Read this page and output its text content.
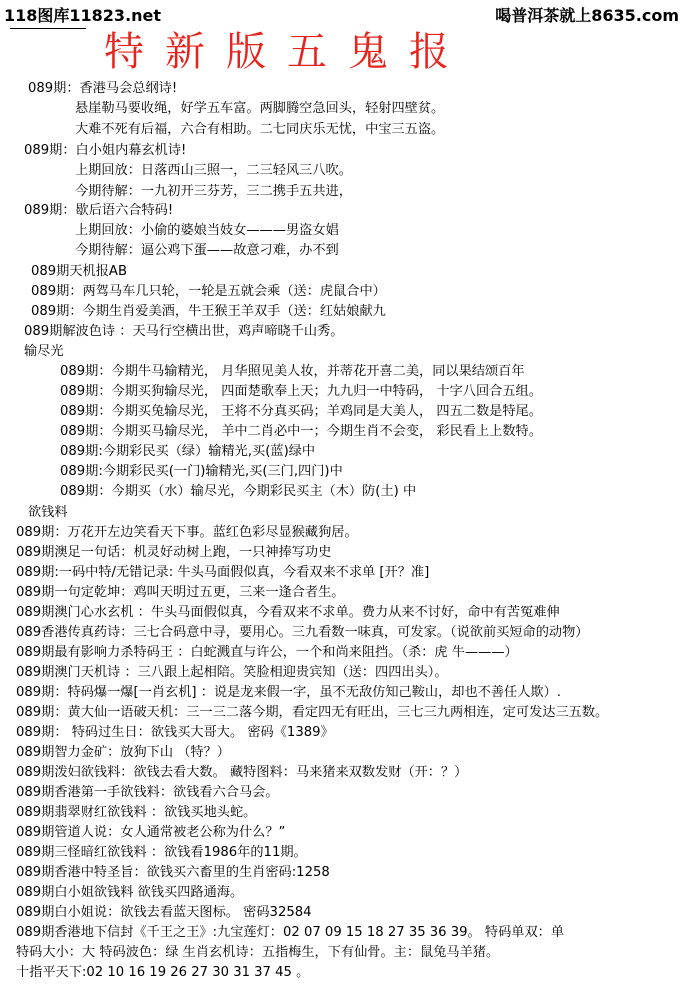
118图库11823.net	喝普洱茶就上8635.com
特新版五鬼报
089期：香港马会总纲诗!
悬崖勒马要收绳，好学五车富。两脚腾空急回头，轻射四壁贫。
大难不死有后福，六合有相助。二七同庆乐无忧，中宝三五盗。
089期：白小姐内幕玄机诗!
上期回放：日落西山三照一，二三轻风三八吹。
今期待解：一九初开三芬芳，三二携手五共进，
089期：歇后语六合特码!
上期回放：小偷的婆娘当妓女———男盗女娼
今期待解：逼公鸡下蛋——故意刁难，办不到
089期天机报AB
089期：两驾马车几只轮，一轮是五就会乘（送：虎鼠合中）
089期：今期生肖爱美酒，牛王猴王羊双手（送：红姑娘献九
089期解波色诗 ：天马行空横出世，鸡声啼晓千山秀。
输尽光
089期：今期牛马输精光， 月华照见美人妆，并蒂花开喜二美，同以果结颂百年
089期：今期买狗输尽光， 四面楚歌奉上天；九九归一中特码， 十字八回合五组。
089期：今期买兔输尽光， 王将不分真买码；羊鸡同是大美人， 四五二数是特尾。
089期：今期买马输尽光， 羊中二肖必中一；今期生肖不会变， 彩民看上上数特。
089期:今期彩民买（绿）输精光,买(蓝)绿中
089期:今期彩民买(一门)输精光,买(三门,四门)中
089期：今期买（水）输尽光，今期彩民买主（木）防(土) 中
欲钱料
089期：万花开左边笑看天下事。蓝红色彩尽显猴藏狗居。
089期澳足一句话：机灵好动树上跑，一只神捧写功史
089期:一码中特/无错记录: 牛头马面假似真，今看双来不求单 [开？准]
089期一句定乾坤：鸡叫天明过五更，三来一逢合者生。
089期澳门心水玄机 ：牛头马面假似真，今看双来不求单。费力从来不讨好，命中有苦冤难伸
089香港传真药诗：三七合码意中寻，要用心。三九看数一味真，可发家。（说欲前买短命的动物）
089期最有影响力杀特码王 ：白蛇溅直与许公，一个和尚来阻挡。（杀：虎 牛———）
089期澳门天机诗 ：三八跟上起相陪。笑脸相迎贵宾知（送：四四出头）。
089期：特码爆一爆[一肖玄机] ：说是龙来假一字，虽不无敌仿知己鞍山，却也不善任人欺）.
089期：黄大仙一语破天机：三一三二落今期，看定四无有旺出，三七三九两相连，定可发达三五数。
089期： 特码过生日：欲钱买大哥大。 密码《1389》
089期智力金矿：放狗下山 （特？）
089期泼妇欲钱料：欲钱去看大数。 藏特图料：马来猪来双数发财（开：？）
089期香港第一手欲钱料：欲钱看六合马会。
089期翡翠财红欲钱料 ：欲钱买地头蛇。
089期管道人说：女人通常被老公称为什么？”
089期三怪暗红欲钱料 ：欲钱看1986年的11期。
089期香港中特圣旨：欲钱买六畜里的生肖密码:1258
089期白小姐欲钱料 欲钱买四路通海。
089期白小姐说：欲钱去看蓝天图标。 密码32584
089期香港地下信封《千王之王》:九宝莲灯：02 07 09 15 18 27 35 36 39。 特码单双：单
特码大小：大 特码波色：绿 生肖玄机诗：五指梅生，下有仙骨。主：鼠兔马羊猪。
十指平天下:02 10 16 19 26 27 30 31 37 45 。
